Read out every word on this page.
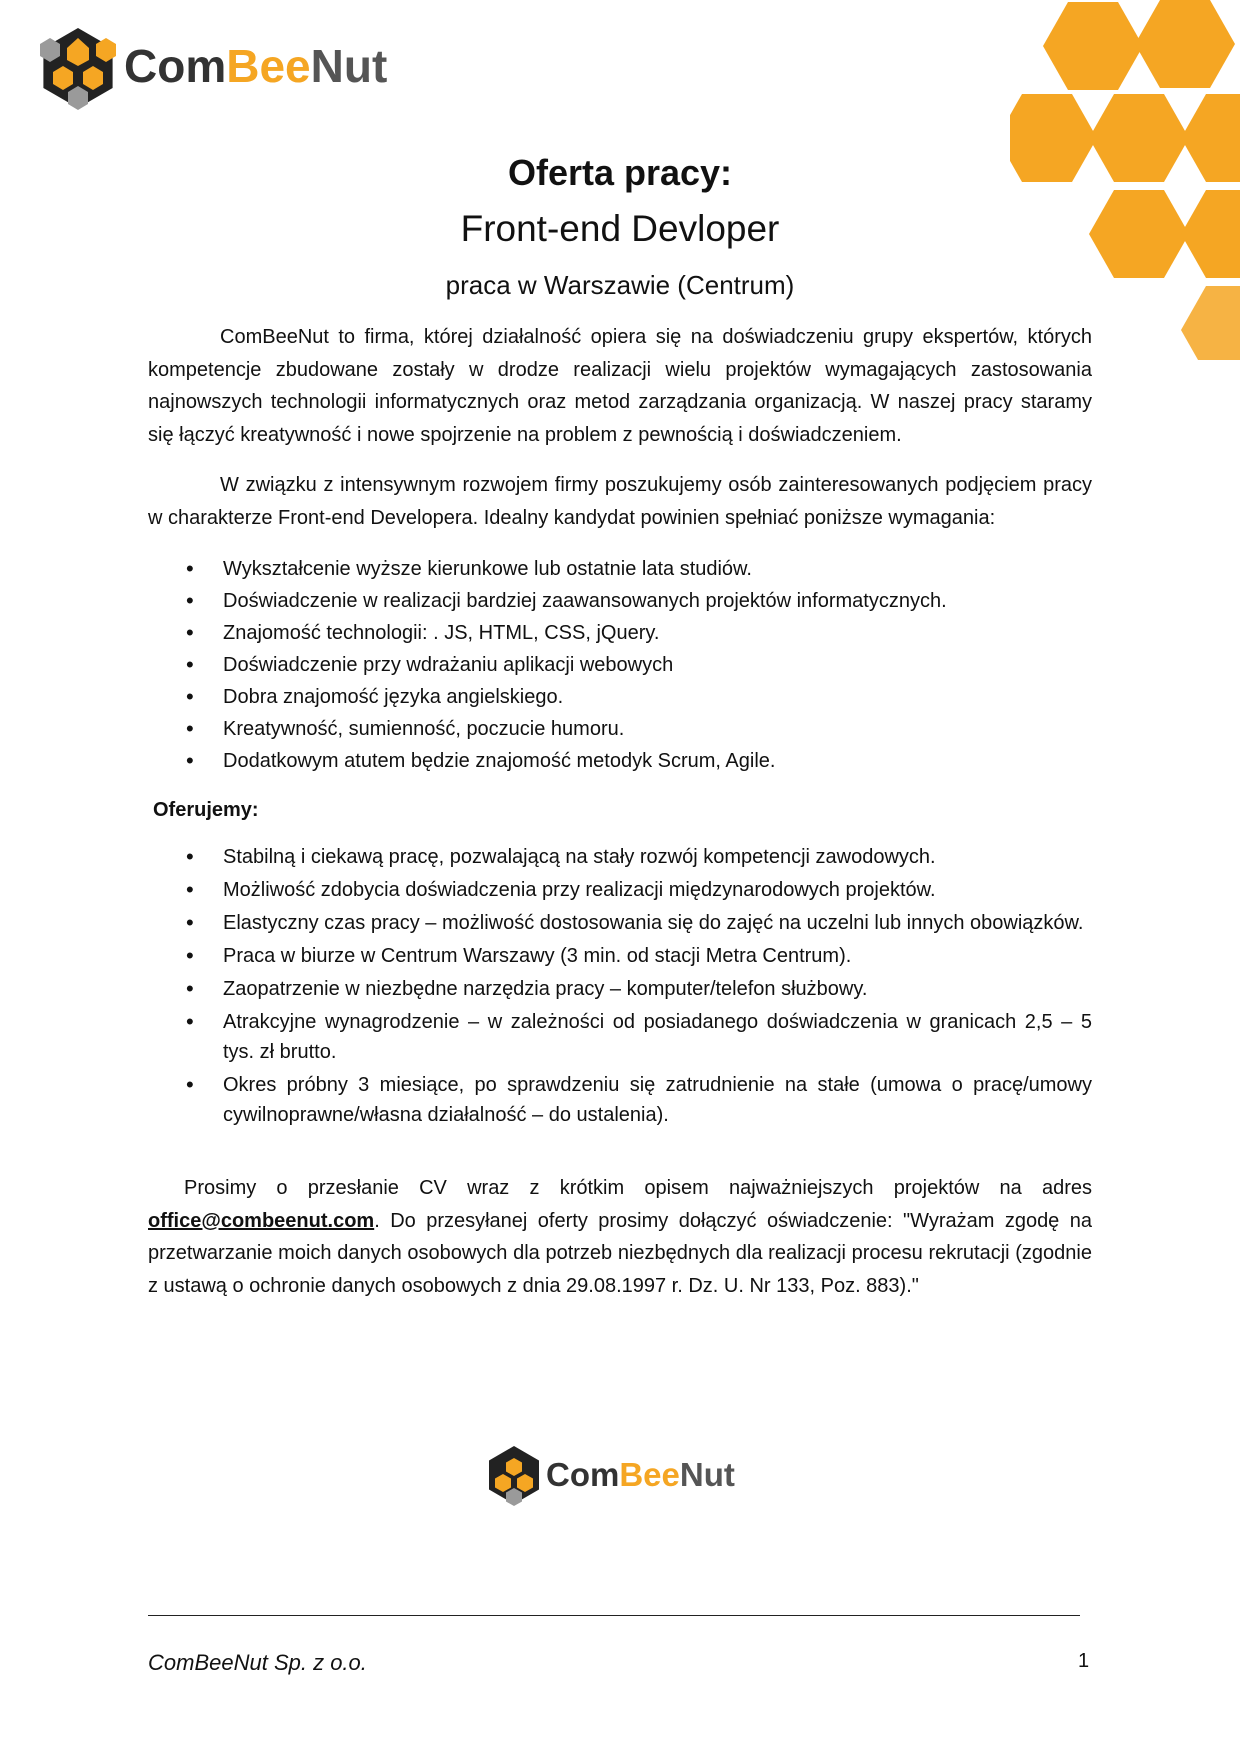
ComBeeNut
Oferta pracy:
Front-end Devloper
praca w Warszawie (Centrum)

ComBeeNut to firma, której działalność opiera się na doświadczeniu grupy ekspertów, których kompetencje zbudowane zostały w drodze realizacji wielu projektów wymagających zastosowania najnowszych technologii informatycznych oraz metod zarządzania organizacją. W naszej pracy staramy się łączyć kreatywność i nowe spojrzenie na problem z pewnością i doświadczeniem.

W związku z intensywnym rozwojem firmy poszukujemy osób zainteresowanych podjęciem pracy w charakterze Front-end Developera. Idealny kandydat powinien spełniać poniższe wymagania:

• Wykształcenie wyższe kierunkowe lub ostatnie lata studiów.
• Doświadczenie w realizacji bardziej zaawansowanych projektów informatycznych.
• Znajomość technologii: . JS, HTML, CSS, jQuery.
• Doświadczenie przy wdrażaniu aplikacji webowych
• Dobra znajomość języka angielskiego.
• Kreatywność, sumienność, poczucie humoru.
• Dodatkowym atutem będzie znajomość metodyk Scrum, Agile.
Oferujemy:
• Stabilną i ciekawą pracę, pozwalającą na stały rozwój kompetencji zawodowych.
• Możliwość zdobycia doświadczenia przy realizacji międzynarodowych projektów.
• Elastyczny czas pracy – możliwość dostosowania się do zajęć na uczelni lub innych obowiązków.
• Praca w biurze w Centrum Warszawy (3 min. od stacji Metra Centrum).
• Zaopatrzenie w niezbędne narzędzia pracy – komputer/telefon służbowy.
• Atrakcyjne wynagrodzenie – w zależności od posiadanego doświadczenia w granicach 2,5 – 5 tys. zł brutto.
• Okres próbny 3 miesiące, po sprawdzeniu się zatrudnienie na stałe (umowa o pracę/umowy cywilnoprawne/własna działalność – do ustalenia).

Prosimy o przesłanie CV wraz z krótkim opisem najważniejszych projektów na adres office@combeenut.com. Do przesyłanej oferty prosimy dołączyć oświadczenie: "Wyrażam zgodę na przetwarzanie moich danych osobowych dla potrzeb niezbędnych dla realizacji procesu rekrutacji (zgodnie z ustawą o ochronie danych osobowych z dnia 29.08.1997 r. Dz. U. Nr 133, Poz. 883)."

ComBeeNut
ComBeeNut Sp. z o.o.	1
